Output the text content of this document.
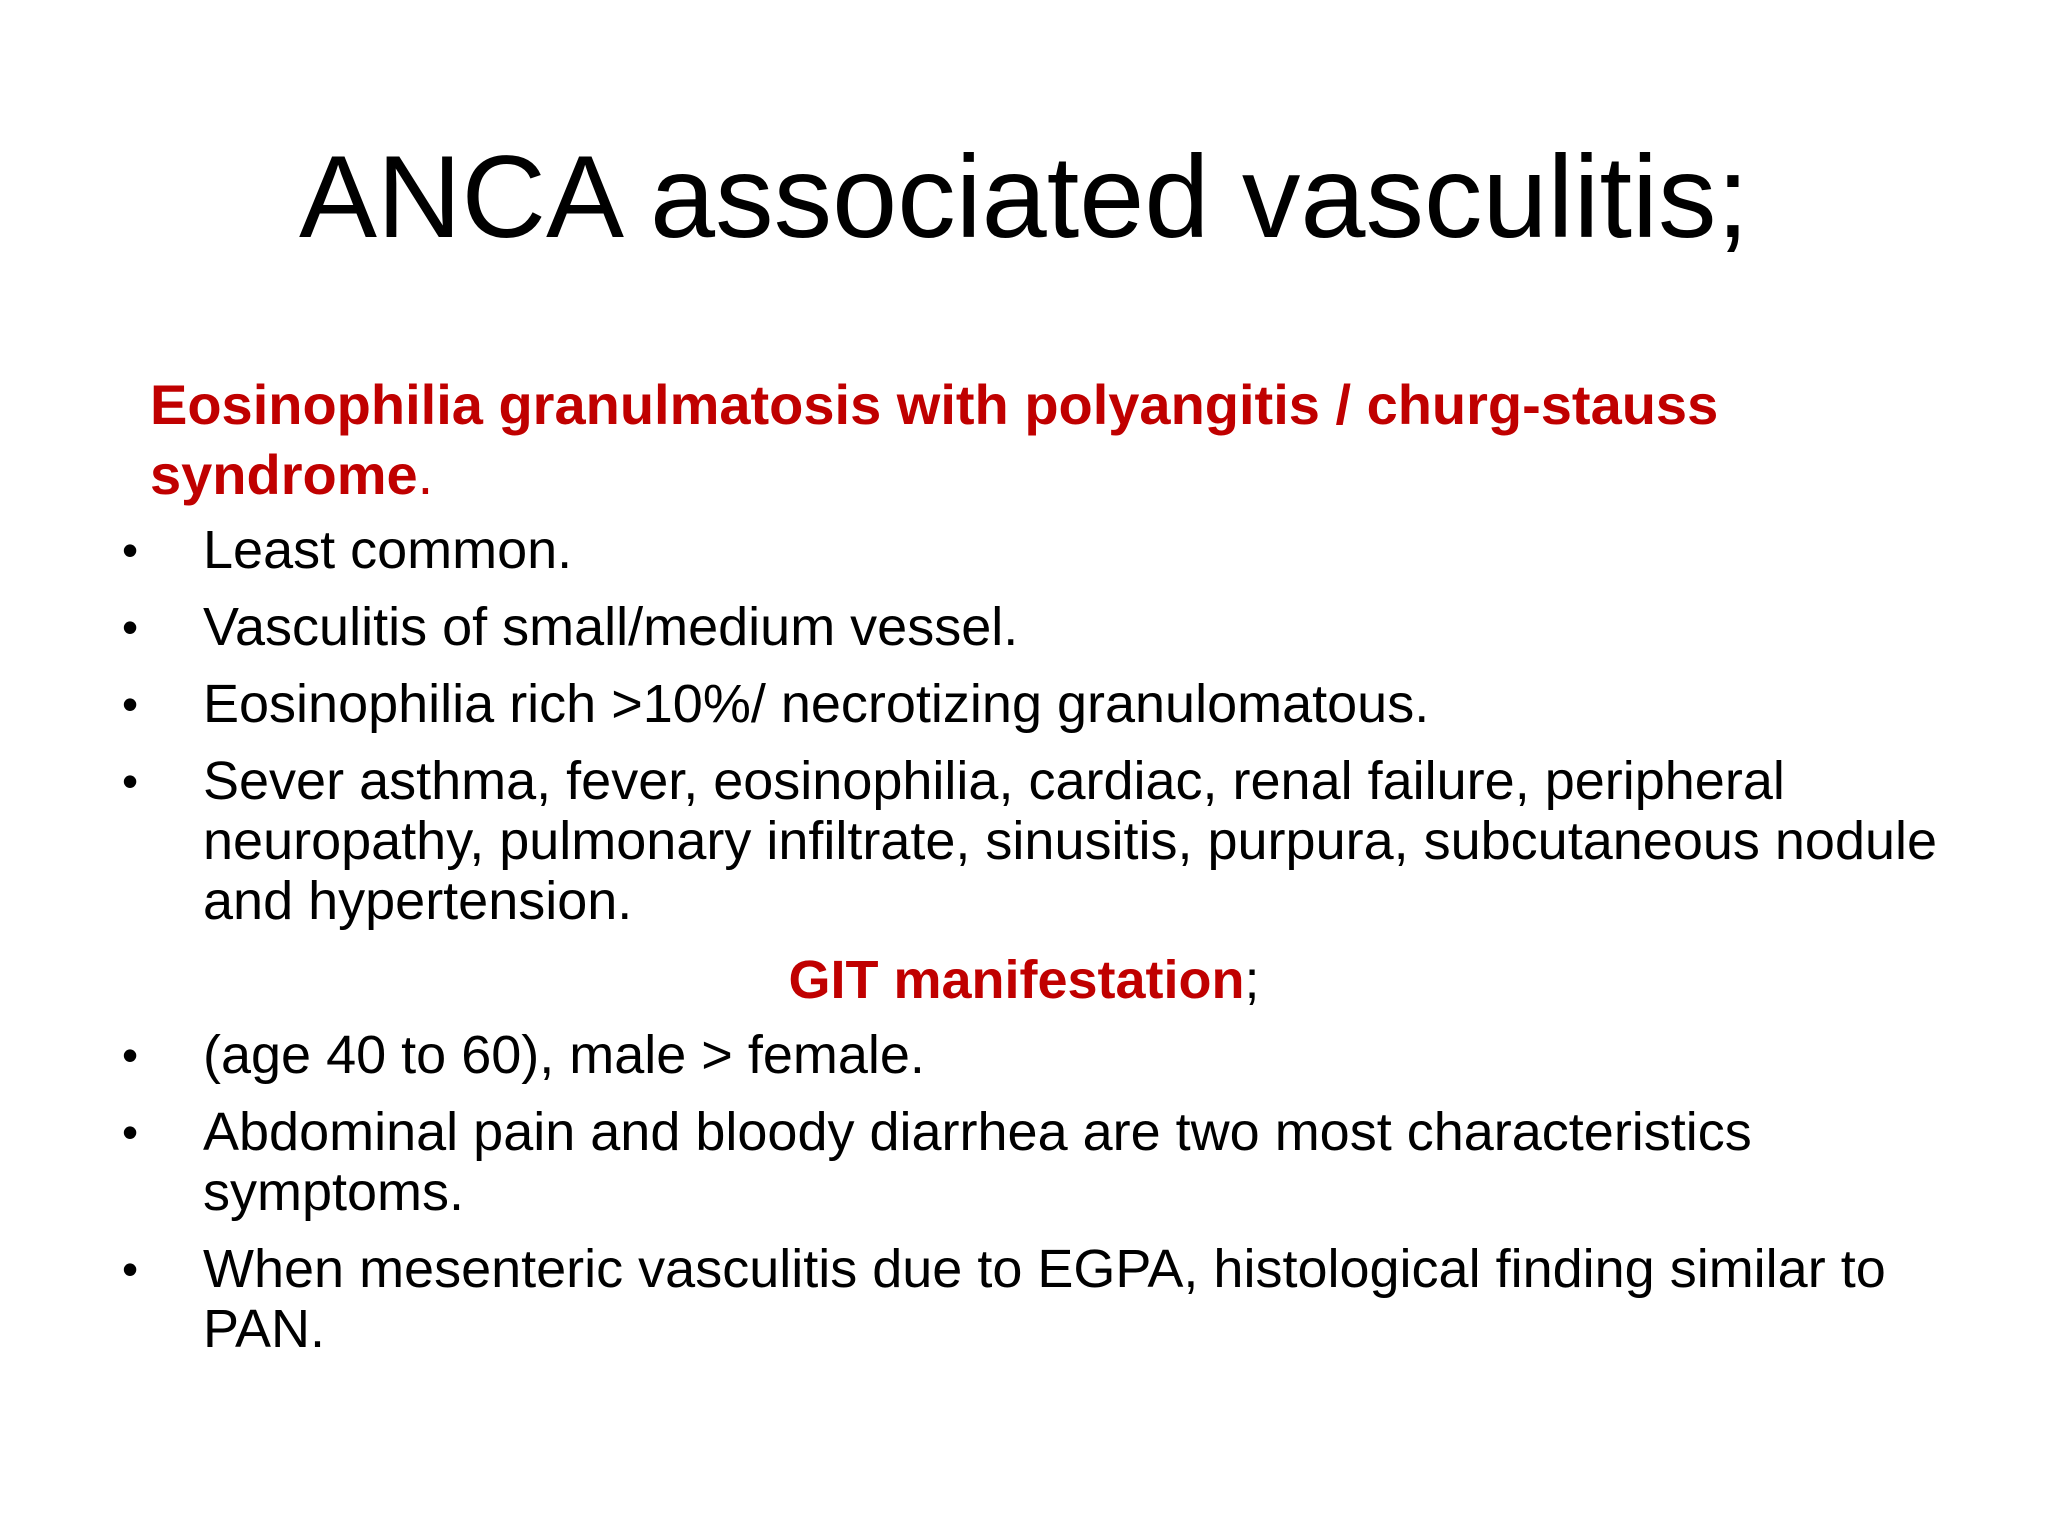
ANCA associated vasculitis;
Eosinophilia granulmatosis with polyangitis / churg-stauss syndrome.
• Least common.
• Vasculitis of small/medium vessel.
• Eosinophilia rich >10%/ necrotizing granulomatous.
• Sever asthma, fever, eosinophilia, cardiac, renal failure, peripheral neuropathy, pulmonary infiltrate, sinusitis, purpura, subcutaneous nodule and hypertension.
GIT manifestation;
• (age 40 to 60), male > female.
• Abdominal pain and bloody diarrhea are two most characteristics symptoms.
• When mesenteric vasculitis due to EGPA, histological finding similar to PAN.
